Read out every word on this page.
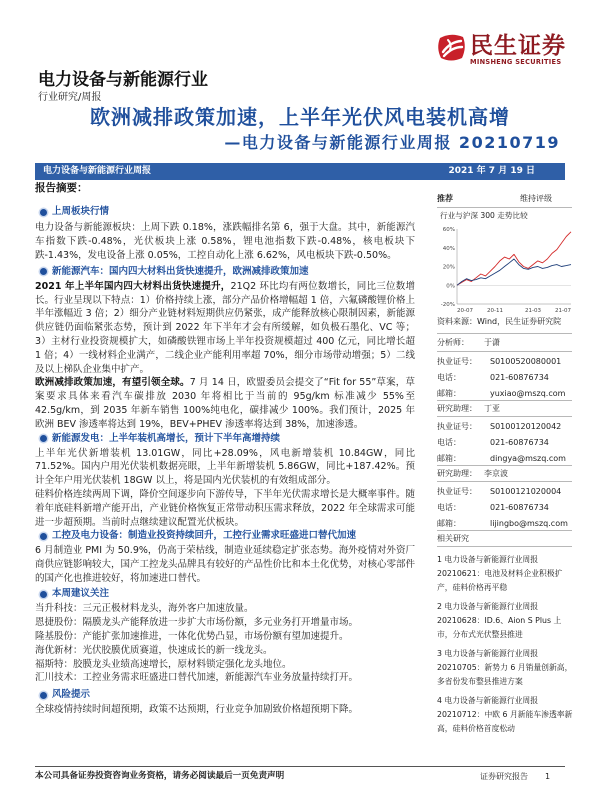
民生证券
MINSHENG SECURITIES
电力设备与新能源行业
行业研究/周报
欧洲减排政策加速，上半年光伏风电装机高增
—电力设备与新能源行业周报 20210719
电力设备与新能源行业周报	2021 年 7 月 19 日
报告摘要：
上周板块行情

电力设备与新能源板块：上周下跌 0.18%，涨跌幅排名第 6，强于大盘。其中，新能源汽车指数下跌-0.48%，光伏板块上涨 0.58%，锂电池指数下跌-0.48%，核电板块下跌-1.43%，发电设备上涨 0.05%，工控自动化上涨 6.62%，风电板块下跌-0.50%。

新能源汽车：国内四大材料出货快速提升，欧洲减排政策加速

2021 年上半年国内四大材料出货快速提升，21Q2 环比均有两位数增长，同比三位数增长。行业呈现以下特点：1）价格持续上涨，部分产品价格增幅超 1 倍，六氟磷酸锂价格上半年涨幅近 3 倍；2）细分产业链材料短期供应仍紧张，成产能释放核心限制因素，新能源供应链仍面临紧张态势，预计到 2022 年下半年才会有所缓解，如负极石墨化、VC 等；3）主材行业投资规模扩大，如磷酸铁锂市场上半年投资规模超过 400 亿元，同比增长超 1 倍；4）一线材料企业满产，二线企业产能利用率超 70%，细分市场带动增强；5）二线及以上梯队企业集中扩产。

欧洲减排政策加速，有望引领全球。7 月 14 日，欧盟委员会提交了“Fit for 55”草案，草案要求具体来看汽车碳排放 2030 年将相比于当前的 95g/km 标准减少 55%至 42.5g/km，到 2035 年新车销售 100%纯电化，碳排减少 100%。我们预计，2025 年欧洲 BEV 渗透率将达到 19%，BEV+PHEV 渗透率将达到 38%，加速渗透。

新能源发电：上半年装机高增长，预计下半年高增持续

上半年光伏新增装机 13.01GW，同比+28.09%，风电新增装机 10.84GW，同比 71.52%。国内户用光伏装机数据亮眼，上半年新增装机 5.86GW，同比+187.42%。预计全年户用光伏装机 18GW 以上，将是国内光伏装机的有效组成部分。

硅料价格连续两周下调，降价空间逐步向下游传导，下半年光伏需求增长是大概率事件。随着年底硅料新增产能开出，产业链价格恢复正常带动积压需求释放，2022 年全球需求可能进一步超预期。当前时点继续建议配置光伏板块。

工控及电力设备：制造业投资持续回升，工控行业需求旺盛进口替代加速

6 月制造业 PMI 为 50.9%，仍高于荣枯线，制造业延续稳定扩张态势。海外疫情对外资厂商供应链影响较大，国产工控龙头品牌具有较好的产品性价比和本土化优势，对核心零部件的国产化也推进较好，将加速进口替代。

本周建议关注
当升科技：三元正极材料龙头，海外客户加速放量。
恩捷股份：隔膜龙头产能释放进一步扩大市场份额，多元业务打开增量市场。
隆基股份：产能扩张加速推进，一体化优势凸显，市场份额有望加速提升。
海优新材：光伏胶膜优质赛道，快速成长的新一线龙头。
福斯特：胶膜龙头业绩高速增长，原材料锁定强化龙头地位。
汇川技术：工控业务需求旺盛进口替代加速，新能源汽车业务放量持续打开。
风险提示

全球疫情持续时间超预期，政策不达预期，行业竞争加剧致价格超预期下降。

推荐	维持评级
行业与沪深 300 走势比较
-20%
0%
20%
40%
60%
20-07	20-11	21-03	21-07
资料来源：Wind，民生证券研究院
分析师： 于潇
执业证号： S0100520080001
电话：	021-60876734
邮箱：	yuxiao@mszq.com
研究助理： 丁亚
执业证号： S0100120120042
电话：	021-60876734
邮箱：	dingya@mszq.com
研究助理： 李京波
执业证号： S0100121020004
电话：	021-60876734
邮箱：	lijingbo@mszq.com
相关研究
1 电力设备与新能源行业周报 20210621：电池及材料企业积极扩产，硅料价格再平稳
2 电力设备与新能源行业周报 20210628：ID.6、Aion S Plus 上市，分布式光伏整县推进
3 电力设备与新能源行业周报 20210705：新势力 6 月销量创新高，多省份发布整县推进方案
4 电力设备与新能源行业周报 20210712：中欧 6 月新能车渗透率新高，硅料价格首度松动
本公司具备证券投资咨询业务资格，请务必阅读最后一页免责声明	证券研究报告 1
